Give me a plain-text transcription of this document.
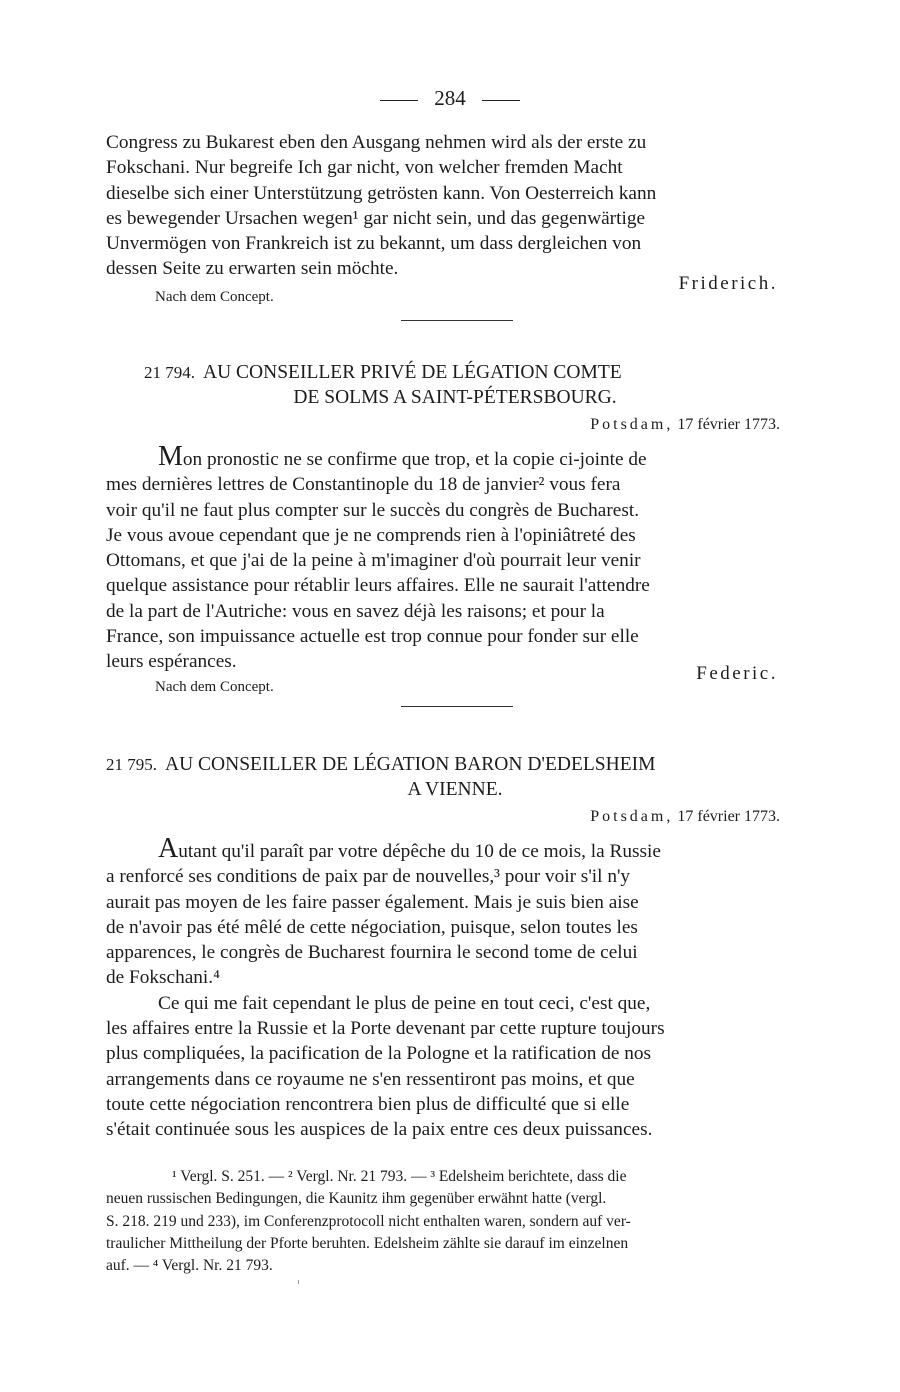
284

Congress zu Bukarest eben den Ausgang nehmen wird als der erste zu

Fokschani. Nur begreife Ich gar nicht, von welcher fremden Macht

dieselbe sich einer Unterstützung getrösten kann. Von Oesterreich kann

es bewegender Ursachen wegen¹ gar nicht sein, und das gegenwärtige

Unvermögen von Frankreich ist zu bekannt, um dass dergleichen von

dessen Seite zu erwarten sein möchte.

Friderich.
Nach dem Concept.
21 794. AU CONSEILLER PRIVÉ DE LÉGATION COMTE
DE SOLMS A SAINT-PÉTERSBOURG.
Potsdam, 17 février 1773.

Mon pronostic ne se confirme que trop, et la copie ci-jointe de

mes dernières lettres de Constantinople du 18 de janvier² vous fera

voir qu'il ne faut plus compter sur le succès du congrès de Bucharest.

Je vous avoue cependant que je ne comprends rien à l'opiniâtreté des

Ottomans, et que j'ai de la peine à m'imaginer d'où pourrait leur venir

quelque assistance pour rétablir leurs affaires. Elle ne saurait l'attendre

de la part de l'Autriche: vous en savez déjà les raisons; et pour la

France, son impuissance actuelle est trop connue pour fonder sur elle

leurs espérances.

Federic.
Nach dem Concept.
21 795. AU CONSEILLER DE LÉGATION BARON D'EDELSHEIM
A VIENNE.
Potsdam, 17 février 1773.

Autant qu'il paraît par votre dépêche du 10 de ce mois, la Russie

a renforcé ses conditions de paix par de nouvelles,³ pour voir s'il n'y

aurait pas moyen de les faire passer également. Mais je suis bien aise

de n'avoir pas été mêlé de cette négociation, puisque, selon toutes les

apparences, le congrès de Bucharest fournira le second tome de celui

de Fokschani.⁴

Ce qui me fait cependant le plus de peine en tout ceci, c'est que,

les affaires entre la Russie et la Porte devenant par cette rupture toujours

plus compliquées, la pacification de la Pologne et la ratification de nos

arrangements dans ce royaume ne s'en ressentiront pas moins, et que

toute cette négociation rencontrera bien plus de difficulté que si elle

s'était continuée sous les auspices de la paix entre ces deux puissances.

¹ Vergl. S. 251. — ² Vergl. Nr. 21 793. — ³ Edelsheim berichtete, dass die

neuen russischen Bedingungen, die Kaunitz ihm gegenüber erwähnt hatte (vergl.

S. 218. 219 und 233), im Conferenzprotocoll nicht enthalten waren, sondern auf ver-

traulicher Mittheilung der Pforte beruhten. Edelsheim zählte sie darauf im einzelnen

auf. — ⁴ Vergl. Nr. 21 793.
